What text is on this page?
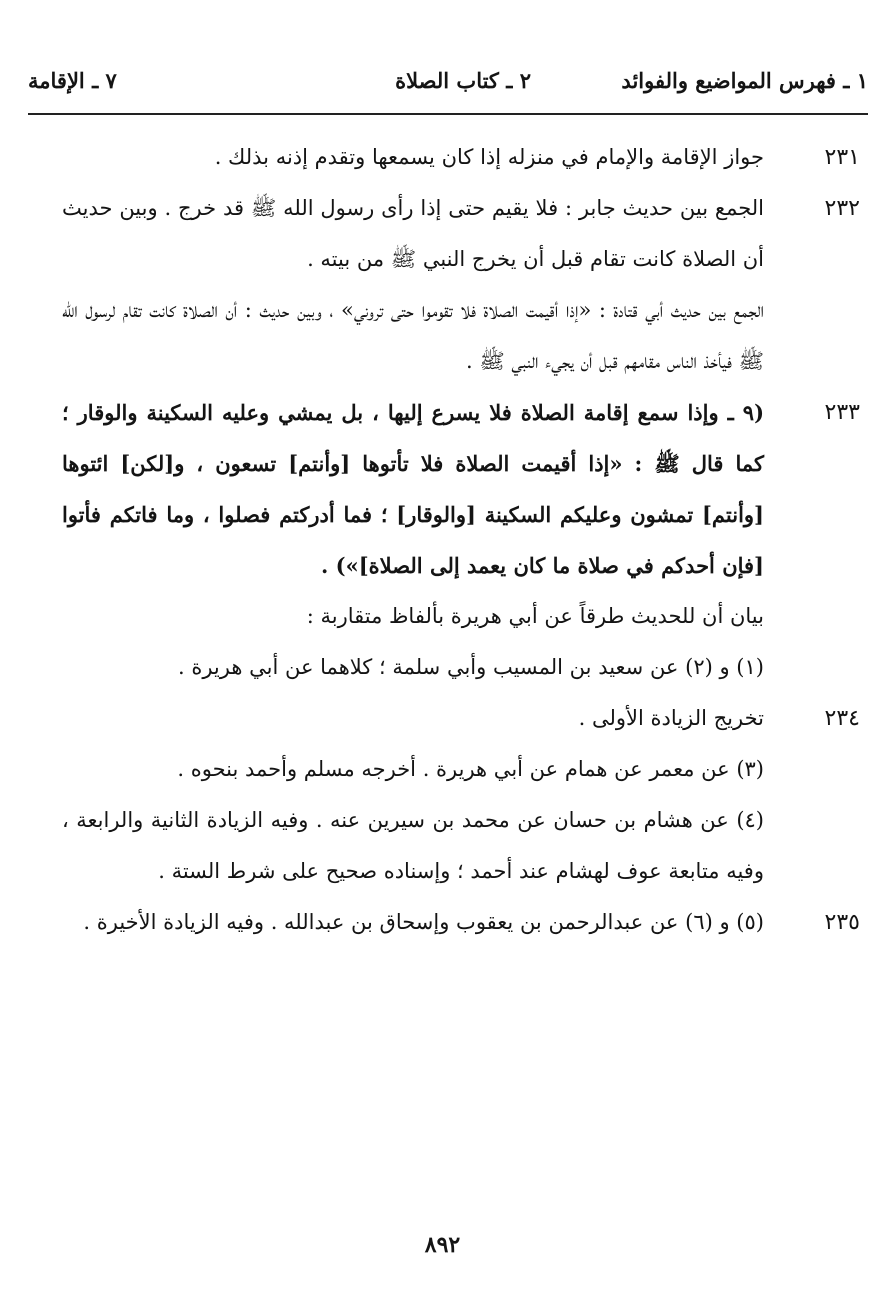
١ ـ فهرس المواضيع والفوائد
٢ ـ كتاب الصلاة
٧ ـ الإقامة
٢٣١

جواز الإقامة والإمام في منزله إذا كان يسمعها وتقدم إذنه بذلك .

٢٣٢

الجمع بين حديث جابر : فلا يقيم حتى إذا رأى رسول الله ﷺ قد خرج . وبين حديث أن الصلاة كانت تقام قبل أن يخرج النبي ﷺ من بيته .

الجمع بين حديث أبي قتادة : «إذا أقيمت الصلاة فلا تقوموا حتى تروني» ، وبين حديث : أن الصلاة كانت تقام لرسول الله ﷺ فيأخذ الناس مقامهم قبل أن يجيء النبي ﷺ .

٢٣٣

(٩ ـ وإذا سمع إقامة الصلاة فلا يسرع إليها ، بل يمشي وعليه السكينة والوقار ؛ كما قال ﷺ : «إذا أقيمت الصلاة فلا تأتوها [وأنتم] تسعون ، و[لكن] ائتوها [وأنتم] تمشون وعليكم السكينة [والوقار] ؛ فما أدركتم فصلوا ، وما فاتكم فأتوا [فإن أحدكم في صلاة ما كان يعمد إلى الصلاة]») .

بيان أن للحديث طرقاً عن أبي هريرة بألفاظ متقاربة :

(١) و (٢) عن سعيد بن المسيب وأبي سلمة ؛ كلاهما عن أبي هريرة .

٢٣٤

تخريج الزيادة الأولى .

(٣) عن معمر عن همام عن أبي هريرة . أخرجه مسلم وأحمد بنحوه .

(٤) عن هشام بن حسان عن محمد بن سيرين عنه . وفيه الزيادة الثانية والرابعة ، وفيه متابعة عوف لهشام عند أحمد ؛ وإسناده صحيح على شرط الستة .

٢٣٥

(٥) و (٦) عن عبدالرحمن بن يعقوب وإسحاق بن عبدالله . وفيه الزيادة الأخيرة .

٨٩٢
